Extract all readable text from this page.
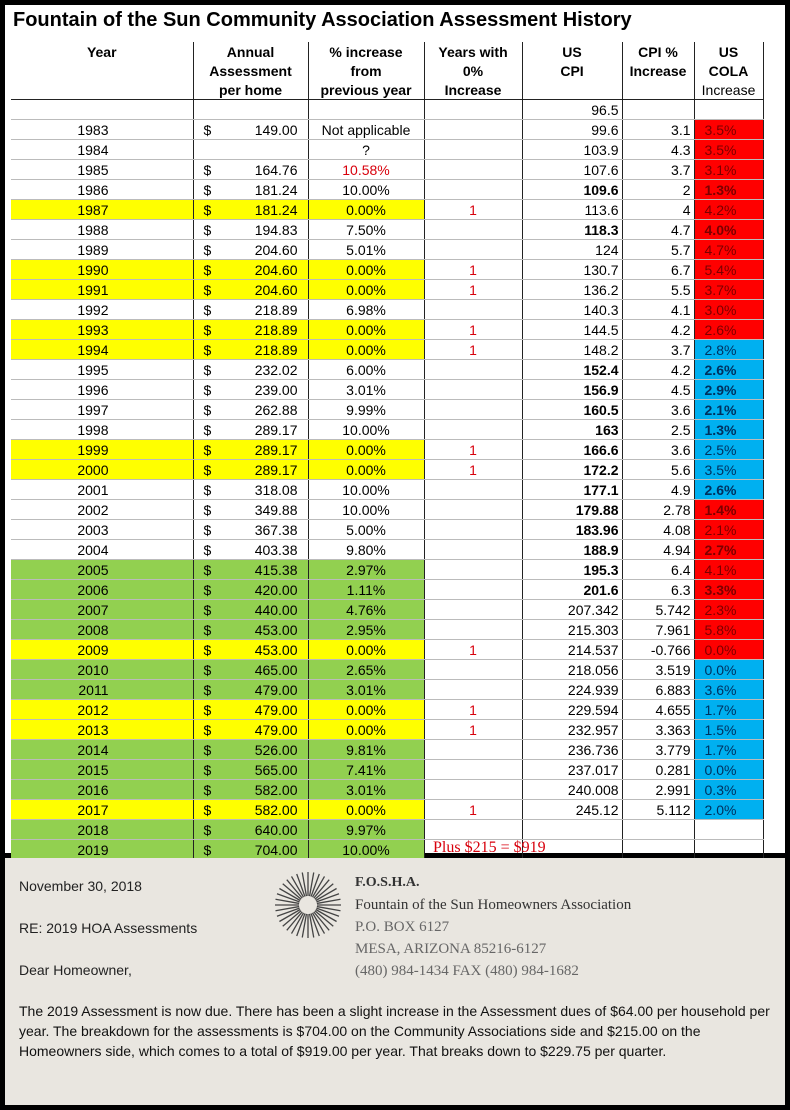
Fountain of the Sun Community Association Assessment History
Year	Annual		% increase	Years with	US	CPI %	US
	Assessment		from	0%	CPI	Increase	COLA
	per home		previous year	Increase			Increase
					96.5		
1983	$	149.00	Not applicable		99.6	3.1	3.5%
1984			?		103.9	4.3	3.5%
1985	$	164.76	10.58%		107.6	3.7	3.1%
1986	$	181.24	10.00%		109.6	2	1.3%
1987	$	181.24	0.00%	1	113.6	4	4.2%
1988	$	194.83	7.50%		118.3	4.7	4.0%
1989	$	204.60	5.01%		124	5.7	4.7%
1990	$	204.60	0.00%	1	130.7	6.7	5.4%
1991	$	204.60	0.00%	1	136.2	5.5	3.7%
1992	$	218.89	6.98%		140.3	4.1	3.0%
1993	$	218.89	0.00%	1	144.5	4.2	2.6%
1994	$	218.89	0.00%	1	148.2	3.7	2.8%
1995	$	232.02	6.00%		152.4	4.2	2.6%
1996	$	239.00	3.01%		156.9	4.5	2.9%
1997	$	262.88	9.99%		160.5	3.6	2.1%
1998	$	289.17	10.00%		163	2.5	1.3%
1999	$	289.17	0.00%	1	166.6	3.6	2.5%
2000	$	289.17	0.00%	1	172.2	5.6	3.5%
2001	$	318.08	10.00%		177.1	4.9	2.6%
2002	$	349.88	10.00%		179.88	2.78	1.4%
2003	$	367.38	5.00%		183.96	4.08	2.1%
2004	$	403.38	9.80%		188.9	4.94	2.7%
2005	$	415.38	2.97%		195.3	6.4	4.1%
2006	$	420.00	1.11%		201.6	6.3	3.3%
2007	$	440.00	4.76%		207.342	5.742	2.3%
2008	$	453.00	2.95%		215.303	7.961	5.8%
2009	$	453.00	0.00%	1	214.537	-0.766	0.0%
2010	$	465.00	2.65%		218.056	3.519	0.0%
2011	$	479.00	3.01%		224.939	6.883	3.6%
2012	$	479.00	0.00%	1	229.594	4.655	1.7%
2013	$	479.00	0.00%	1	232.957	3.363	1.5%
2014	$	526.00	9.81%		236.736	3.779	1.7%
2015	$	565.00	7.41%		237.017	0.281	0.0%
2016	$	582.00	3.01%		240.008	2.991	0.3%
2017	$	582.00	0.00%	1	245.12	5.112	2.0%
2018	$	640.00	9.97%				
2019	$	704.00	10.00%					Plus $215 = $919
November 30, 2018
RE: 2019 HOA Assessments
Dear Homeowner,
F.O.S.H.A.
Fountain of the Sun Homeowners Association
P.O. BOX 6127
MESA, ARIZONA 85216-6127
(480) 984-1434 FAX (480) 984-1682
The 2019 Assessment is now due. There has been a slight increase in the Assessment dues of $64.00 per household per year. The breakdown for the assessments is $704.00 on the Community Associations side and $215.00 on the Homeowners side, which comes to a total of $919.00 per year. That breaks down to $229.75 per quarter.
